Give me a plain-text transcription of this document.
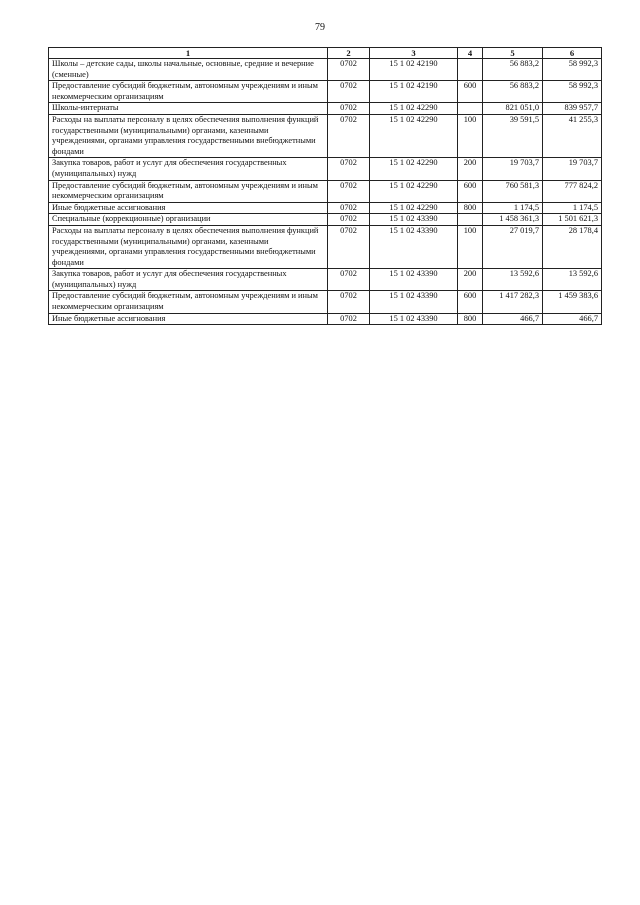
79
1	2	3	4	5	6
Школы – детские сады, школы начальные, основные, средние и вечерние (сменные)	0702	15 1 02 42190		56 883,2	58 992,3
Предоставление субсидий бюджетным, автономным учреждениям и иным некоммерческим организациям	0702	15 1 02 42190	600	56 883,2	58 992,3
Школы-интернаты	0702	15 1 02 42290		821 051,0	839 957,7
Расходы на выплаты персоналу в целях обеспечения выполнения функций государственными (муниципальными) органами, казенными учреждениями, органами управления государственными внебюджетными фондами	0702	15 1 02 42290	100	39 591,5	41 255,3
Закупка товаров, работ и услуг для обеспечения государственных (муниципальных) нужд	0702	15 1 02 42290	200	19 703,7	19 703,7
Предоставление субсидий бюджетным, автономным учреждениям и иным некоммерческим организациям	0702	15 1 02 42290	600	760 581,3	777 824,2
Иные бюджетные ассигнования	0702	15 1 02 42290	800	1 174,5	1 174,5
Специальные (коррекционные) организации	0702	15 1 02 43390		1 458 361,3	1 501 621,3
Расходы на выплаты персоналу в целях обеспечения выполнения функций государственными (муниципальными) органами, казенными учреждениями, органами управления государственными внебюджетными фондами	0702	15 1 02 43390	100	27 019,7	28 178,4
Закупка товаров, работ и услуг для обеспечения государственных (муниципальных) нужд	0702	15 1 02 43390	200	13 592,6	13 592,6
Предоставление субсидий бюджетным, автономным учреждениям и иным некоммерческим организациям	0702	15 1 02 43390	600	1 417 282,3	1 459 383,6
Иные бюджетные ассигнования	0702	15 1 02 43390	800	466,7	466,7
